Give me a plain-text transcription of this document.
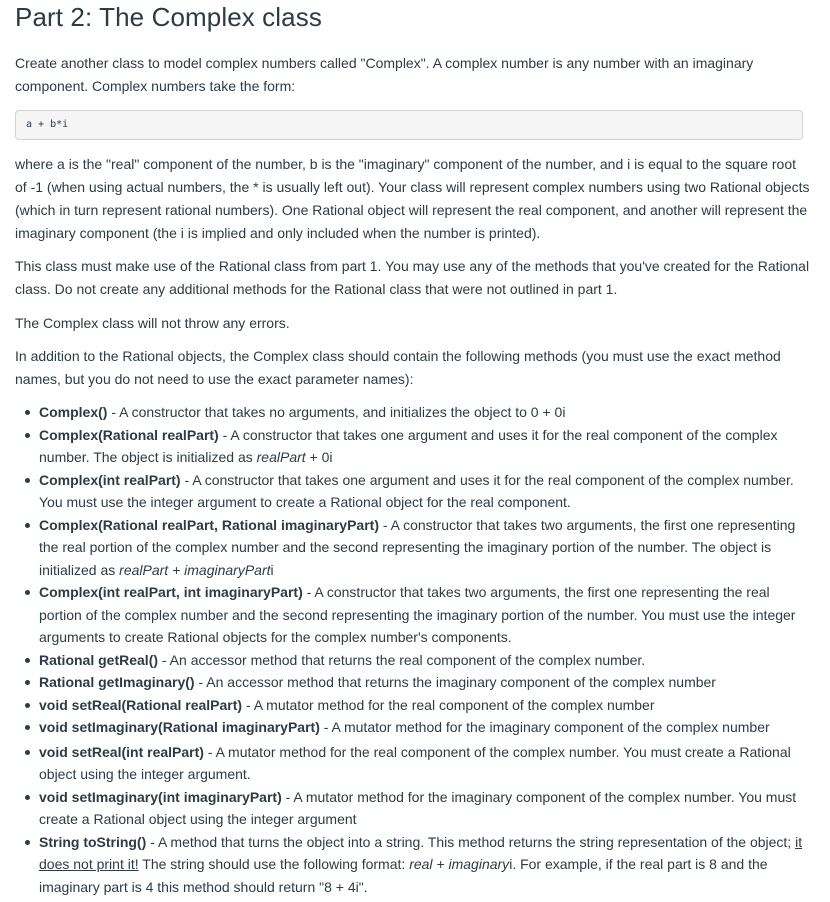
Part 2: The Complex class

Create another class to model complex numbers called "Complex". A complex number is any number with an imaginary component. Complex numbers take the form:

a + b*i

where a is the "real" component of the number, b is the "imaginary" component of the number, and i is equal to the square root of -1 (when using actual numbers, the * is usually left out). Your class will represent complex numbers using two Rational objects (which in turn represent rational numbers). One Rational object will represent the real component, and another will represent the imaginary component (the i is implied and only included when the number is printed).

This class must make use of the Rational class from part 1. You may use any of the methods that you've created for the Rational class. Do not create any additional methods for the Rational class that were not outlined in part 1.

The Complex class will not throw any errors.

In addition to the Rational objects, the Complex class should contain the following methods (you must use the exact method names, but you do not need to use the exact parameter names):

Complex() - A constructor that takes no arguments, and initializes the object to 0 + 0i
Complex(Rational realPart) - A constructor that takes one argument and uses it for the real component of the complex number. The object is initialized as realPart + 0i
Complex(int realPart) - A constructor that takes one argument and uses it for the real component of the complex number. You must use the integer argument to create a Rational object for the real component.
Complex(Rational realPart, Rational imaginaryPart) - A constructor that takes two arguments, the first one representing the real portion of the complex number and the second representing the imaginary portion of the number. The object is initialized as realPart + imaginaryParti
Complex(int realPart, int imaginaryPart) - A constructor that takes two arguments, the first one representing the real portion of the complex number and the second representing the imaginary portion of the number. You must use the integer arguments to create Rational objects for the complex number's components.
Rational getReal() - An accessor method that returns the real component of the complex number.
Rational getImaginary() - An accessor method that returns the imaginary component of the complex number
void setReal(Rational realPart) - A mutator method for the real component of the complex number
void setImaginary(Rational imaginaryPart) - A mutator method for the imaginary component of the complex number
void setReal(int realPart) - A mutator method for the real component of the complex number. You must create a Rational object using the integer argument.
void setImaginary(int imaginaryPart) - A mutator method for the imaginary component of the complex number. You must create a Rational object using the integer argument
String toString() - A method that turns the object into a string. This method returns the string representation of the object; it does not print it! The string should use the following format: real + imaginaryi. For example, if the real part is 8 and the imaginary part is 4 this method should return "8 + 4i".
